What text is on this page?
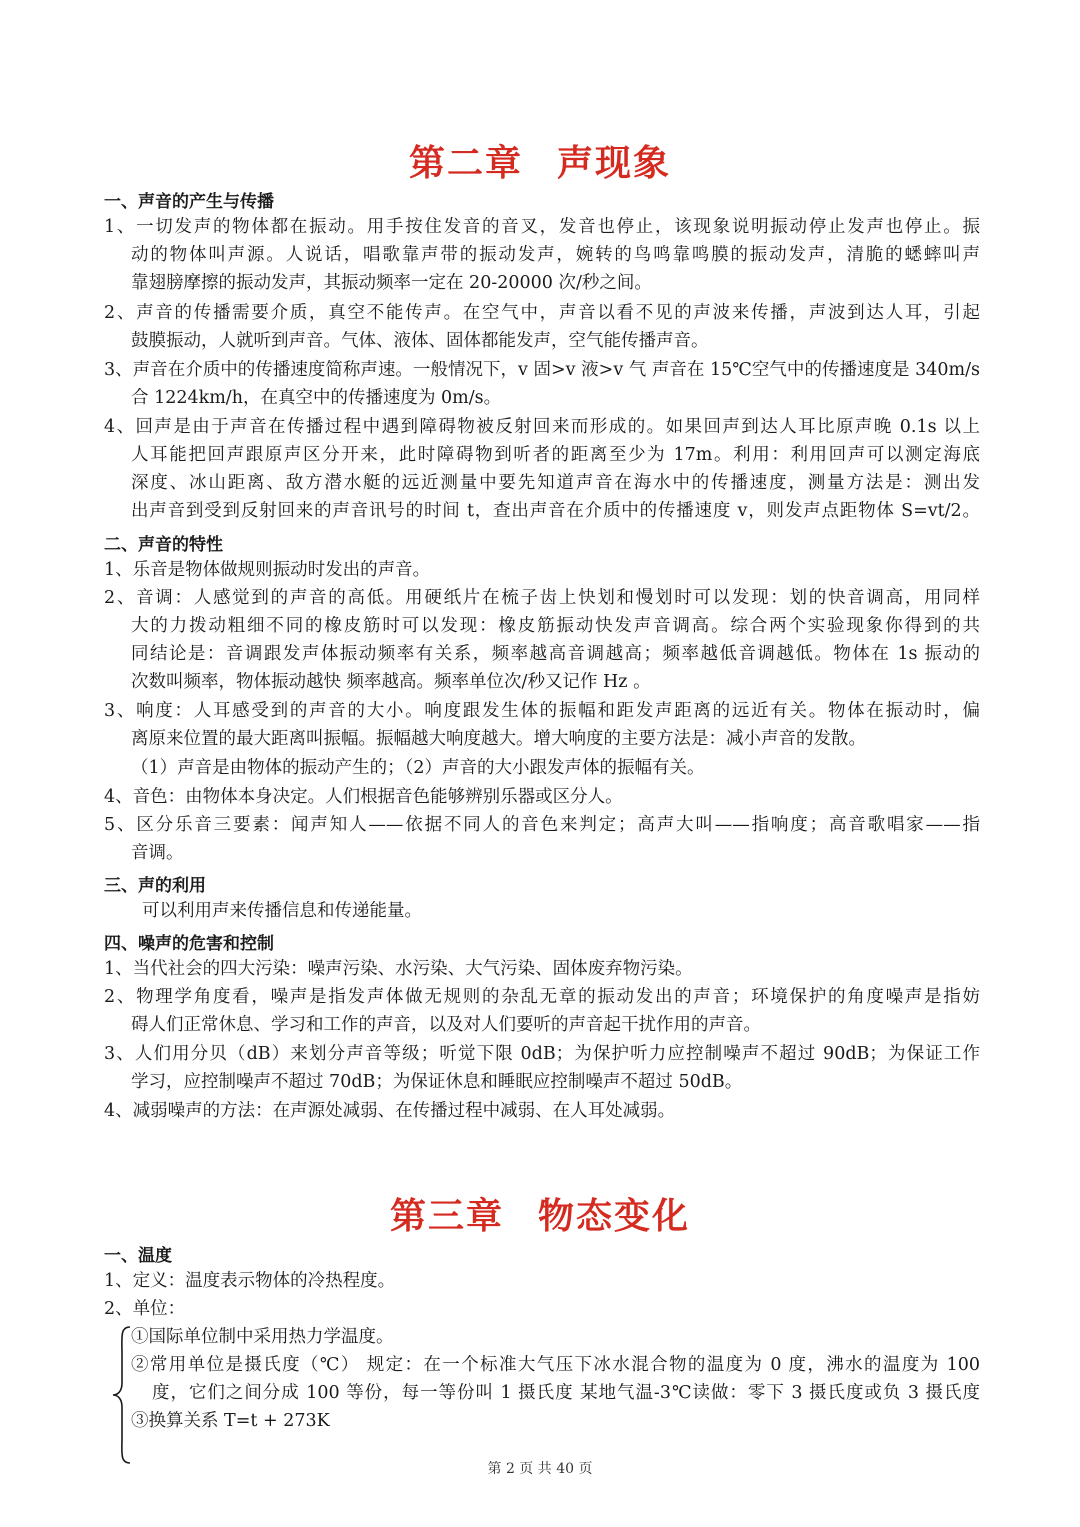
第二章 声现象
一、声音的产生与传播
1、一切发声的物体都在振动。用手按住发音的音叉，发音也停止，该现象说明振动停止发声也停止。振
动的物体叫声源。人说话，唱歌靠声带的振动发声，婉转的鸟鸣靠鸣膜的振动发声，清脆的蟋蟀叫声
靠翅膀摩擦的振动发声，其振动频率一定在 20-20000 次/秒之间。
2、声音的传播需要介质，真空不能传声。在空气中，声音以看不见的声波来传播，声波到达人耳，引起
鼓膜振动，人就听到声音。气体、液体、固体都能发声，空气能传播声音。
3、声音在介质中的传播速度简称声速。一般情况下，v 固>v 液>v 气 声音在 15℃空气中的传播速度是 340m/s
合 1224km/h，在真空中的传播速度为 0m/s。
4、回声是由于声音在传播过程中遇到障碍物被反射回来而形成的。如果回声到达人耳比原声晚 0.1s 以上
人耳能把回声跟原声区分开来，此时障碍物到听者的距离至少为 17m。利用：利用回声可以测定海底
深度、冰山距离、敌方潜水艇的远近测量中要先知道声音在海水中的传播速度，测量方法是：测出发
出声音到受到反射回来的声音讯号的时间 t，查出声音在介质中的传播速度 v，则发声点距物体 S=vt/2。
二、声音的特性
1、乐音是物体做规则振动时发出的声音。
2、音调：人感觉到的声音的高低。用硬纸片在梳子齿上快划和慢划时可以发现：划的快音调高，用同样
大的力拨动粗细不同的橡皮筋时可以发现：橡皮筋振动快发声音调高。综合两个实验现象你得到的共
同结论是：音调跟发声体振动频率有关系，频率越高音调越高；频率越低音调越低。物体在 1s 振动的
次数叫频率，物体振动越快 频率越高。频率单位次/秒又记作 Hz 。
3、响度：人耳感受到的声音的大小。响度跟发生体的振幅和距发声距离的远近有关。物体在振动时，偏
离原来位置的最大距离叫振幅。振幅越大响度越大。增大响度的主要方法是：减小声音的发散。
（1）声音是由物体的振动产生的；（2）声音的大小跟发声体的振幅有关。
4、音色：由物体本身决定。人们根据音色能够辨别乐器或区分人。
5、区分乐音三要素：闻声知人——依据不同人的音色来判定；高声大叫——指响度；高音歌唱家——指
音调。
三、声的利用
可以利用声来传播信息和传递能量。
四、噪声的危害和控制
1、当代社会的四大污染：噪声污染、水污染、大气污染、固体废弃物污染。
2、物理学角度看，噪声是指发声体做无规则的杂乱无章的振动发出的声音；环境保护的角度噪声是指妨
碍人们正常休息、学习和工作的声音，以及对人们要听的声音起干扰作用的声音。
3、人们用分贝（dB）来划分声音等级；听觉下限 0dB；为保护听力应控制噪声不超过 90dB；为保证工作
学习，应控制噪声不超过 70dB；为保证休息和睡眠应控制噪声不超过 50dB。
4、减弱噪声的方法：在声源处减弱、在传播过程中减弱、在人耳处减弱。
第三章 物态变化
一、温度
1、定义：温度表示物体的冷热程度。
2、单位：
①国际单位制中采用热力学温度。
②常用单位是摄氏度（℃） 规定：在一个标准大气压下冰水混合物的温度为 0 度，沸水的温度为 100
度，它们之间分成 100 等份，每一等份叫 1 摄氏度 某地气温-3℃读做：零下 3 摄氏度或负 3 摄氏度
③换算关系 T=t + 273K
第 2 页 共 40 页
